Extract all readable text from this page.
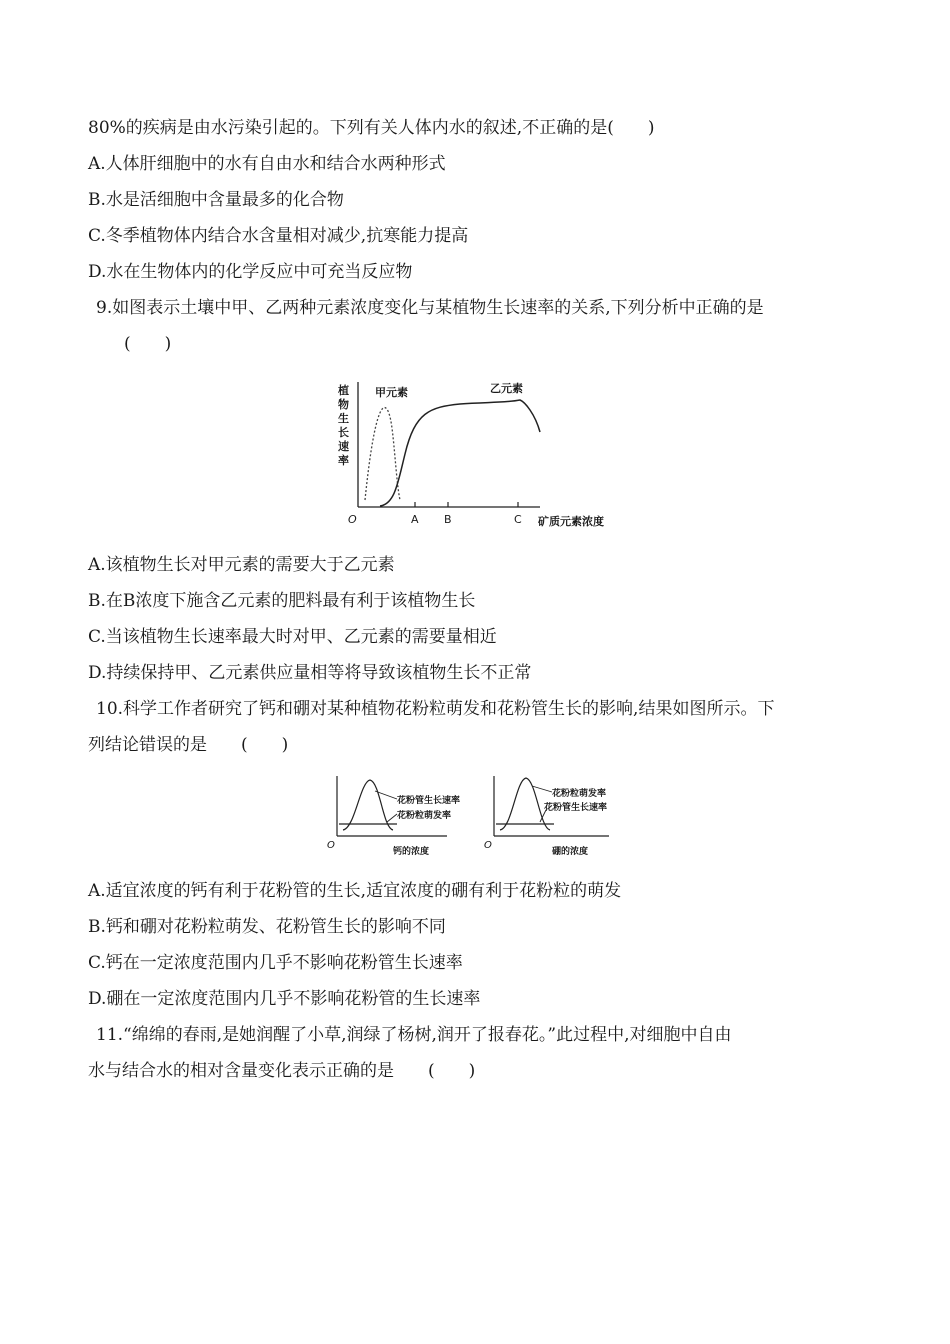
80%的疾病是由水污染引起的。下列有关人体内水的叙述,不正确的是(　　)
A.人体肝细胞中的水有自由水和结合水两种形式
B.水是活细胞中含量最多的化合物
C.冬季植物体内结合水含量相对减少,抗寒能力提高
D.水在生物体内的化学反应中可充当反应物
9.如图表示土壤中甲、乙两种元素浓度变化与某植物生长速率的关系,下列分析中正确的是
(　　)
植
物
生
长
速
率
甲元素	乙元素
O	A B	C 矿质元素浓度
A.该植物生长对甲元素的需要大于乙元素
B.在B浓度下施含乙元素的肥料最有利于该植物生长
C.当该植物生长速率最大时对甲、乙元素的需要量相近
D.持续保持甲、乙元素供应量相等将导致该植物生长不正常
10.科学工作者研究了钙和硼对某种植物花粉粒萌发和花粉管生长的影响,结果如图所示。下
列结论错误的是　　(　　)
花粉管生长速率
花粉粒萌发率
O
钙的浓度
花粉粒萌发率
花粉管生长速率
O
硼的浓度
A.适宜浓度的钙有利于花粉管的生长,适宜浓度的硼有利于花粉粒的萌发
B.钙和硼对花粉粒萌发、花粉管生长的影响不同
C.钙在一定浓度范围内几乎不影响花粉管生长速率
D.硼在一定浓度范围内几乎不影响花粉管的生长速率
11.“绵绵的春雨,是她润醒了小草,润绿了杨树,润开了报春花。”此过程中,对细胞中自由
水与结合水的相对含量变化表示正确的是　　(　　)
